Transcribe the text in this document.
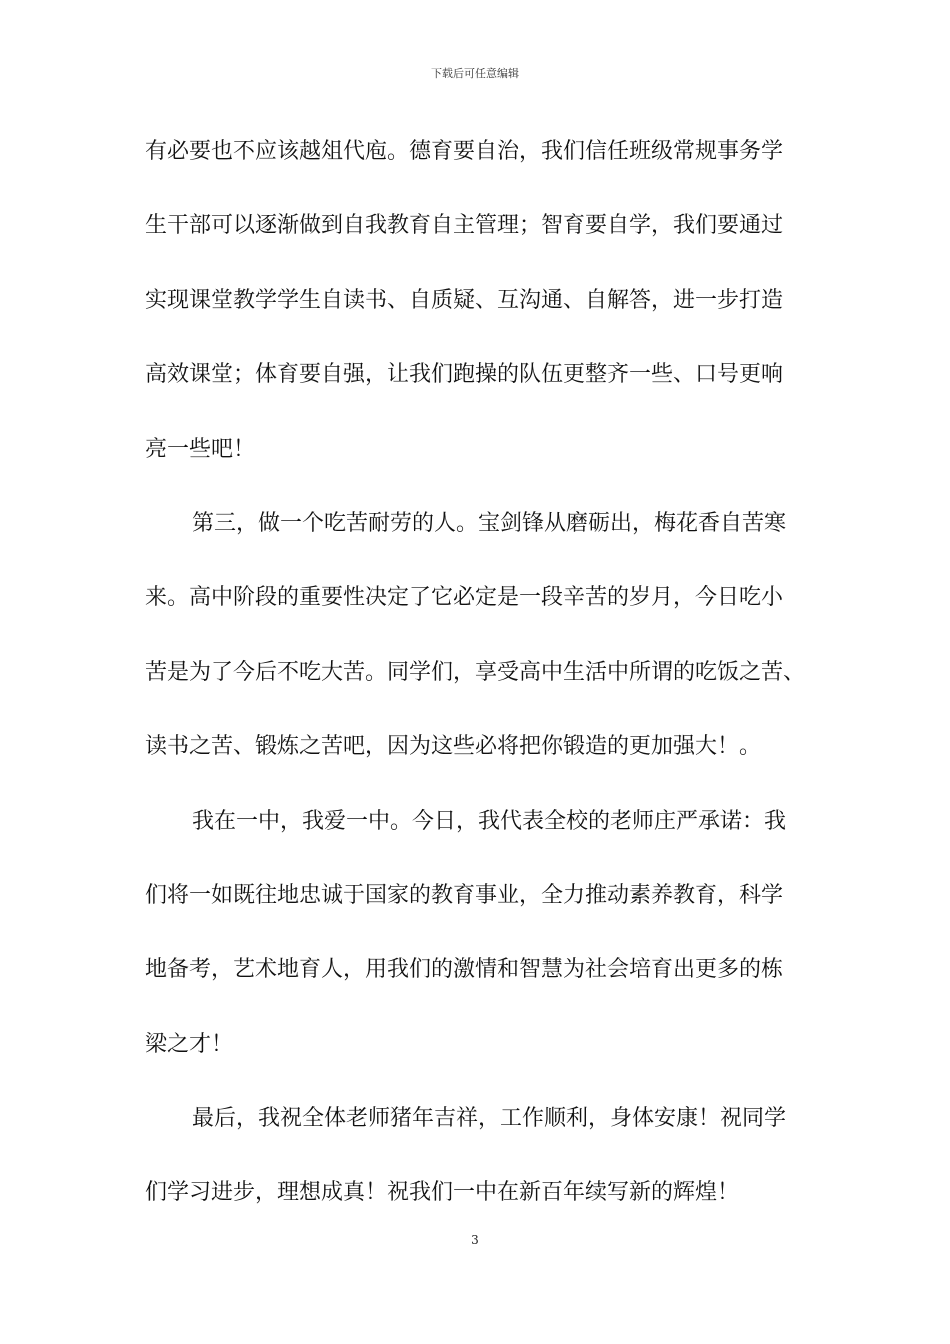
下载后可任意编辑
有必要也不应该越俎代庖。德育要自治，我们信任班级常规事务学
生干部可以逐渐做到自我教育自主管理；智育要自学，我们要通过
实现课堂教学学生自读书、自质疑、互沟通、自解答，进一步打造
高效课堂；体育要自强，让我们跑操的队伍更整齐一些、口号更响
亮一些吧！
第三，做一个吃苦耐劳的人。宝剑锋从磨砺出，梅花香自苦寒
来。高中阶段的重要性决定了它必定是一段辛苦的岁月，今日吃小
苦是为了今后不吃大苦。同学们，享受高中生活中所谓的吃饭之苦、
读书之苦、锻炼之苦吧，因为这些必将把你锻造的更加强大！。
我在一中，我爱一中。今日，我代表全校的老师庄严承诺：我
们将一如既往地忠诚于国家的教育事业，全力推动素养教育，科学
地备考，艺术地育人，用我们的激情和智慧为社会培育出更多的栋
梁之才！
最后，我祝全体老师猪年吉祥，工作顺利，身体安康！祝同学
们学习进步，理想成真！祝我们一中在新百年续写新的辉煌！
3
